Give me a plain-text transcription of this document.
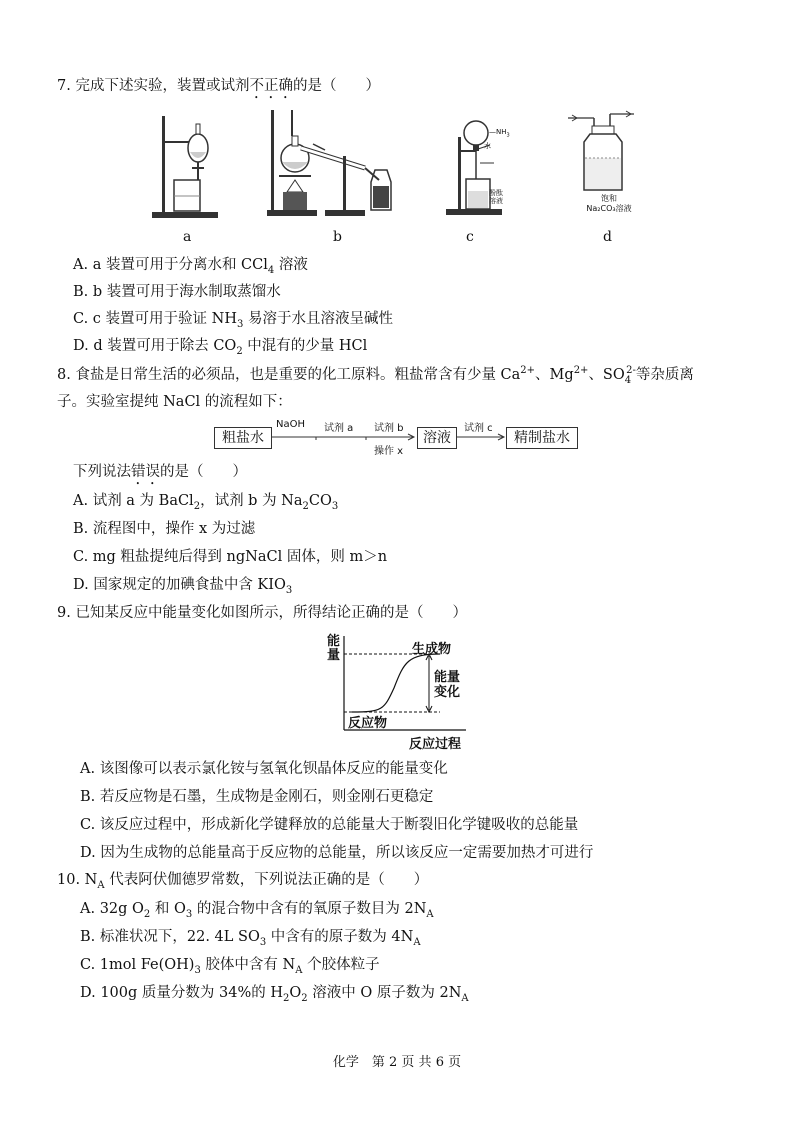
7. 完成下述实验，装置或试剂不正确的是（　　）
a	b
$—NH_3$
水
酚酞
溶液
c
饱和
Na₂CO₃溶液
d
A. a 装置可用于分离水和 CCl$_4$ 溶液
B. b 装置可用于海水制取蒸馏水
C. c 装置可用于验证 $NH_3$ 易溶于水且溶液呈碱性
D. d 装置可用于除去 $CO_2$ 中混有的少量 HCl
8. 食盐是日常生活的必须品，也是重要的化工原料。粗盐常含有少量 $Ca^{2+}$、$Mg^{2+}$、$SO_4^{2-}$等杂质离
子。实验室提纯 NaCl 的流程如下：
粗盐水
NaOH 试剂 a 试剂 b
操作 x
溶液
试剂 c
精制盐水
下列说法错误的是（　　）
A. 试剂 a 为 BaCl$_2$，试剂 b 为 $Na_2CO_3$
B. 流程图中，操作 x 为过滤
C. mg 粗盐提纯后得到 ngNaCl 固体，则 m＞n
D. 国家规定的加碘食盐中含 $KIO_3$
9. 已知某反应中能量变化如图所示，所得结论正确的是（　　）
能
量	生成物
能量
变化
反应物
反应过程
A. 该图像可以表示氯化铵与氢氧化钡晶体反应的能量变化
B. 若反应物是石墨，生成物是金刚石，则金刚石更稳定
C. 该反应过程中，形成新化学键释放的总能量大于断裂旧化学键吸收的总能量
D. 因为生成物的总能量高于反应物的总能量，所以该反应一定需要加热才可进行
10. $N_A$ 代表阿伏伽德罗常数，下列说法正确的是（　　）
A. 32g $O_2$ 和 $O_3$ 的混合物中含有的氧原子数目为 $2N_A$
B. 标准状况下，22. 4L $SO_3$ 中含有的原子数为 $4N_A$
C. 1mol $Fe(OH)_3$ 胶体中含有 $N_A$ 个胶体粒子
D. 100g 质量分数为 34%的 $H_2O_2$ 溶液中 O 原子数为 $2N_A$
化学　第 2 页 共 6 页
